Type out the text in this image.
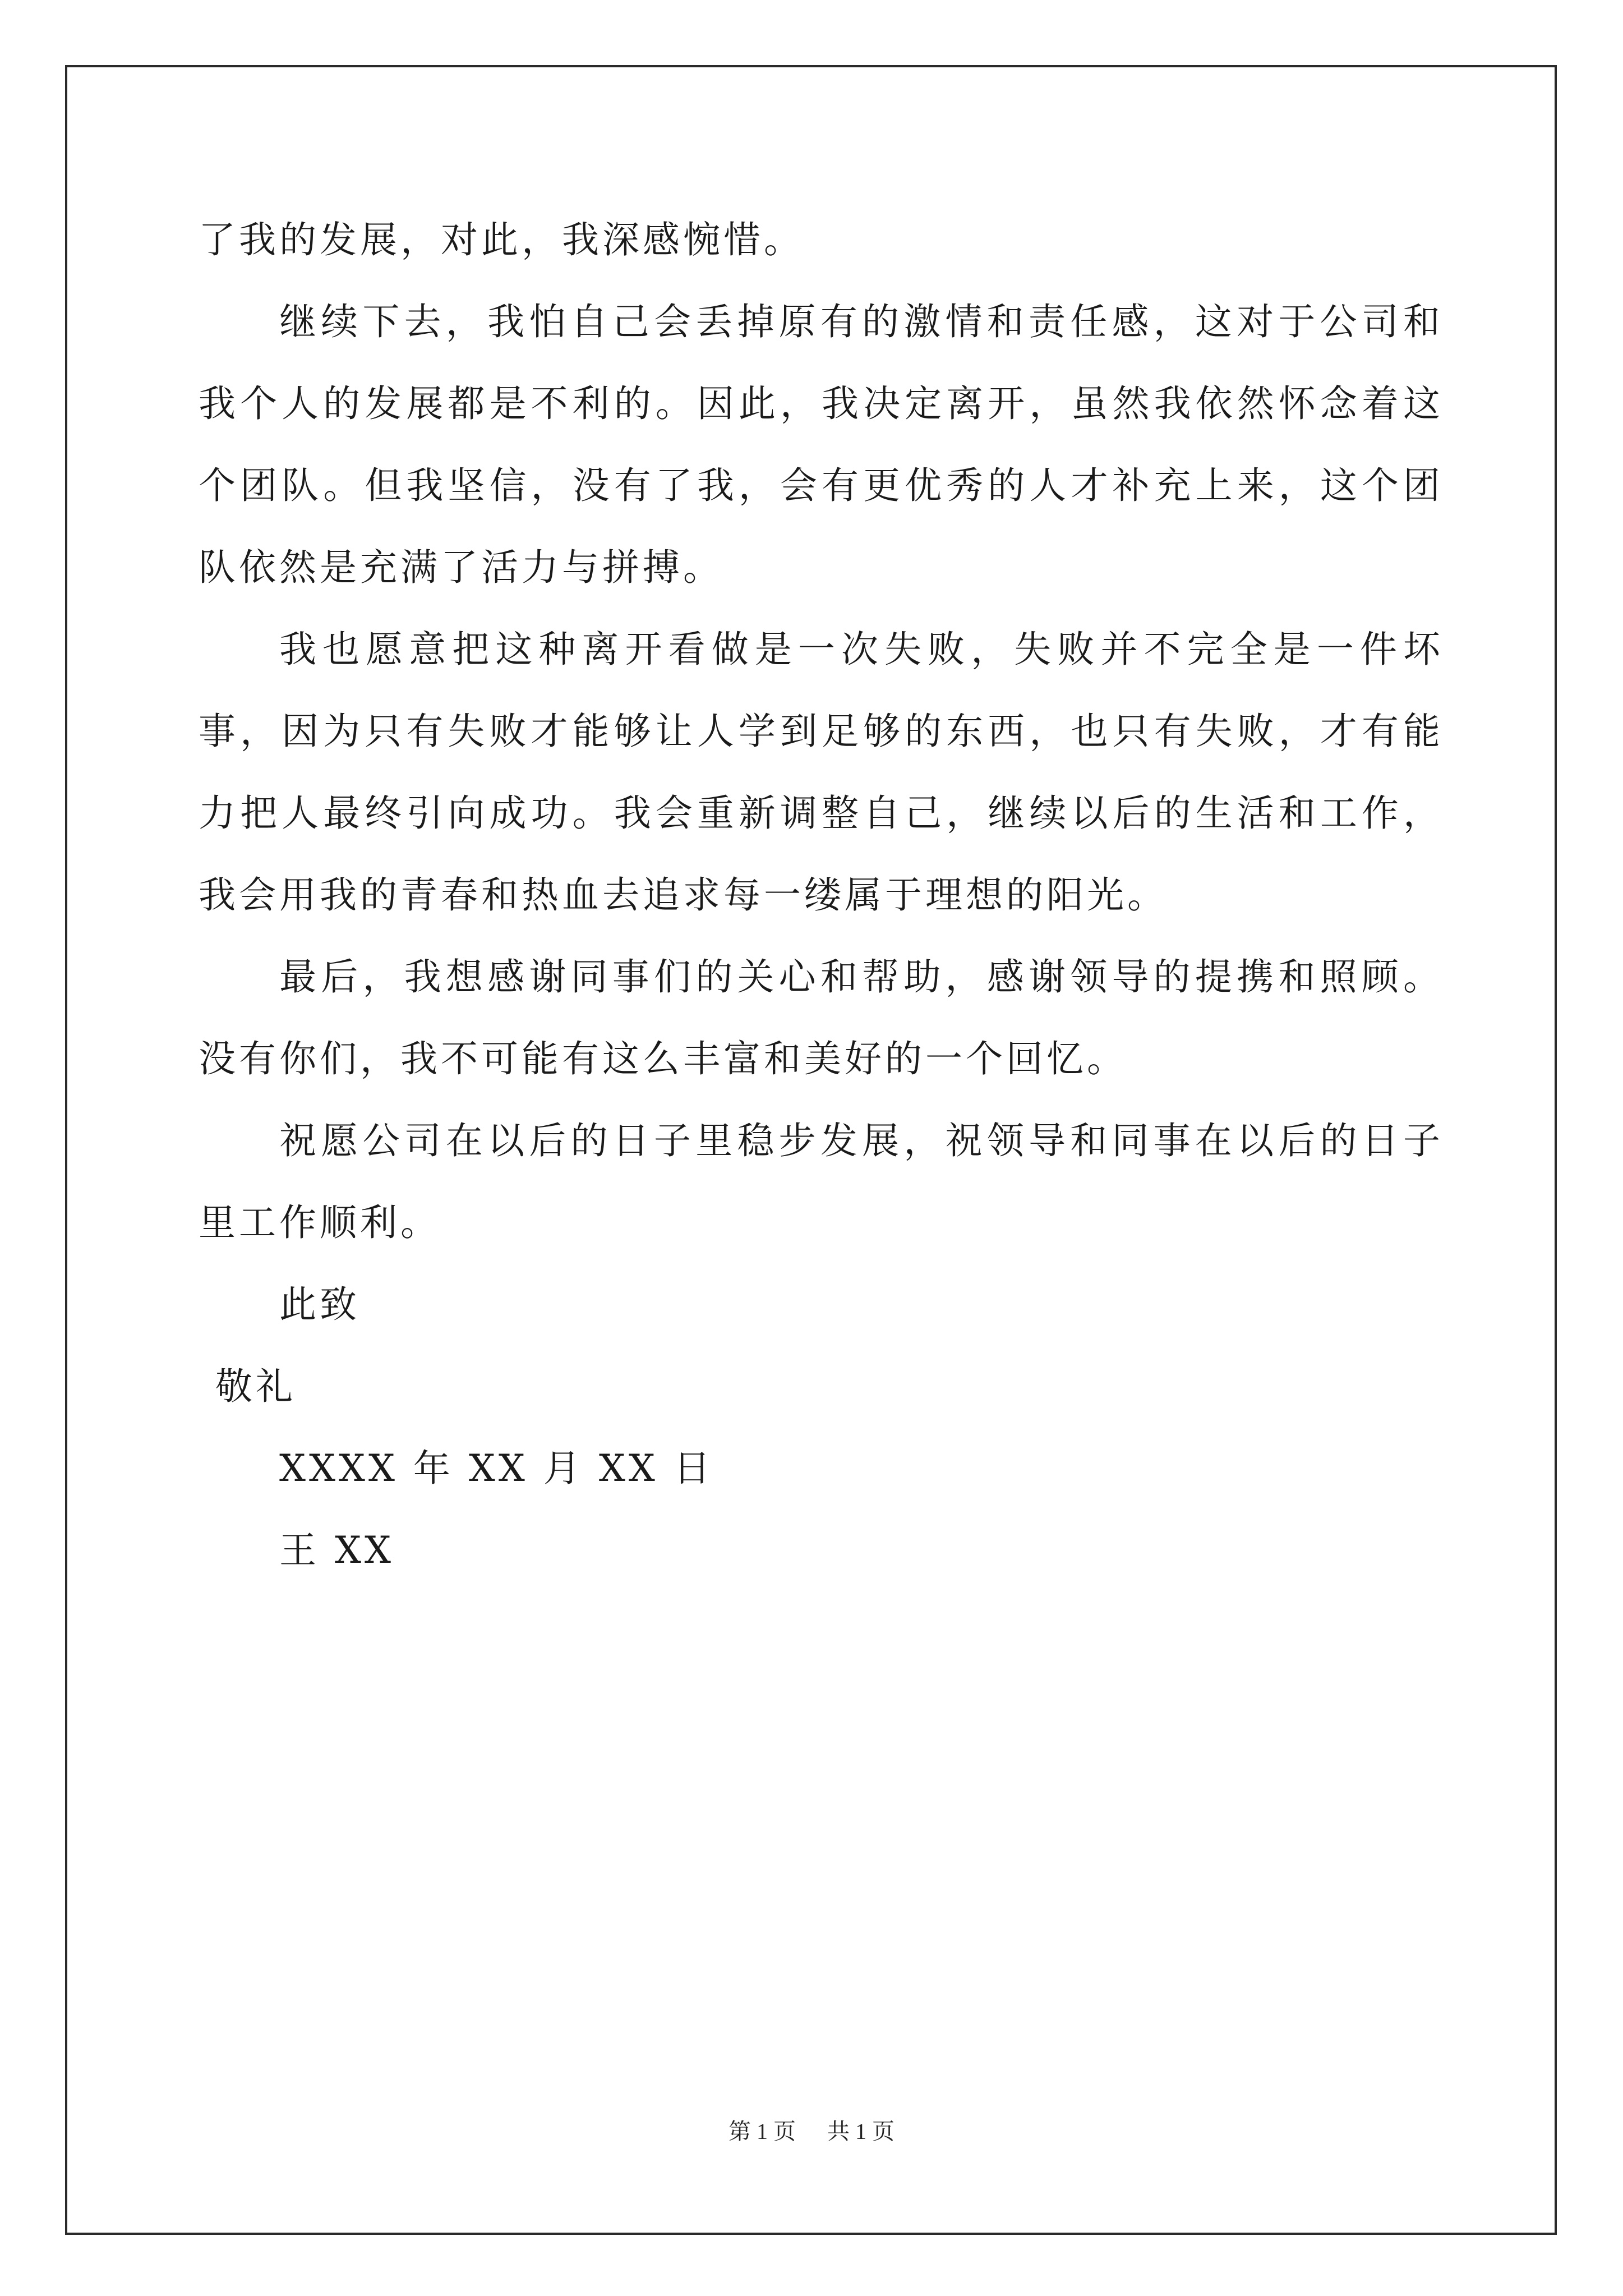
了我的发展，对此，我深感惋惜。

继续下去，我怕自己会丢掉原有的激情和责任感，这对于公司和我个人的发展都是不利的。因此，我决定离开，虽然我依然怀念着这个团队。但我坚信，没有了我，会有更优秀的人才补充上来，这个团队依然是充满了活力与拼搏。

我也愿意把这种离开看做是一次失败，失败并不完全是一件坏事，因为只有失败才能够让人学到足够的东西，也只有失败，才有能力把人最终引向成功。我会重新调整自己，继续以后的生活和工作，我会用我的青春和热血去追求每一缕属于理想的阳光。

最后，我想感谢同事们的关心和帮助，感谢领导的提携和照顾。没有你们，我不可能有这么丰富和美好的一个回忆。

祝愿公司在以后的日子里稳步发展，祝领导和同事在以后的日子里工作顺利。

此致

敬礼

XXXX 年 XX 月 XX 日

王 XX

第 1 页 共 1 页
